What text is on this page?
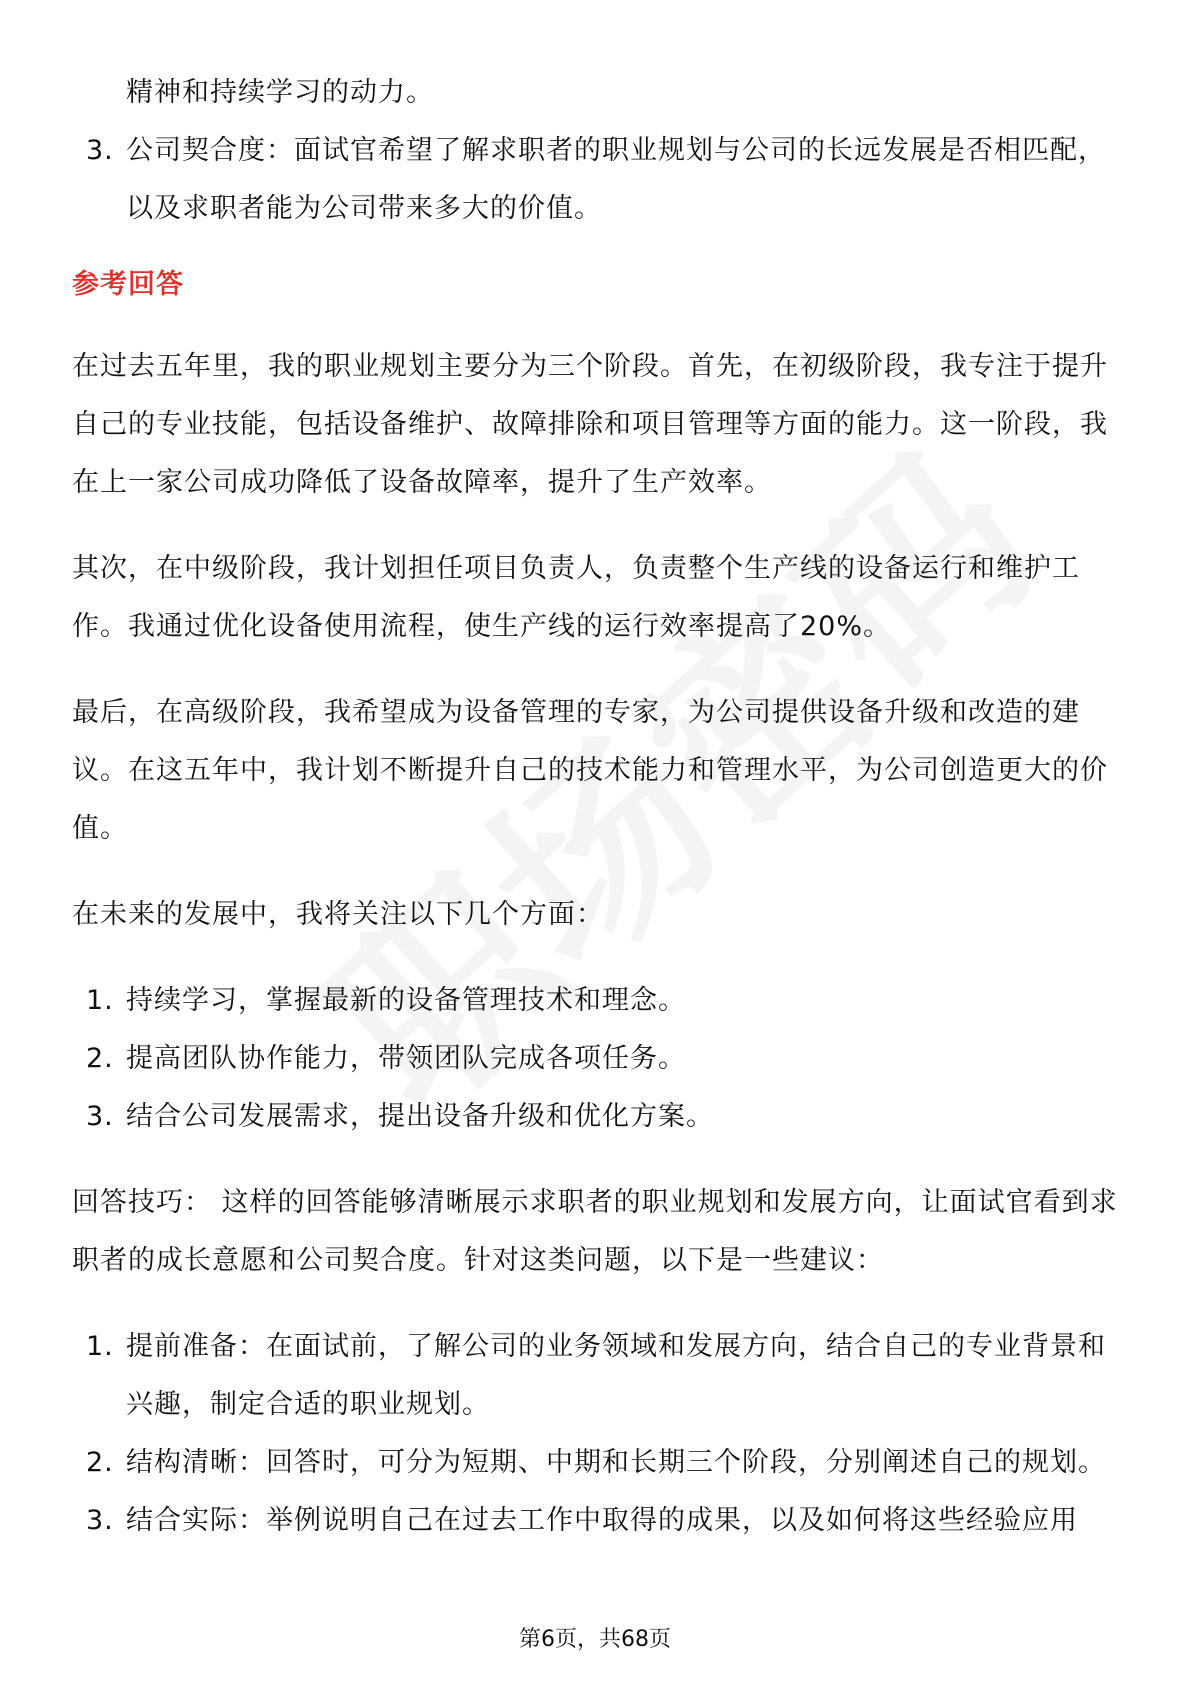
精神和持续学习的动力。

3. 公司契合度：面试官希望了解求职者的职业规划与公司的长远发展是否相匹配，以及求职者能为公司带来多大的价值。
参考回答

在过去五年里，我的职业规划主要分为三个阶段。首先，在初级阶段，我专注于提升自己的专业技能，包括设备维护、故障排除和项目管理等方面的能力。这一阶段，我在上一家公司成功降低了设备故障率，提升了生产效率。

其次，在中级阶段，我计划担任项目负责人，负责整个生产线的设备运行和维护工作。我通过优化设备使用流程，使生产线的运行效率提高了20%。

最后，在高级阶段，我希望成为设备管理的专家，为公司提供设备升级和改造的建议。在这五年中，我计划不断提升自己的技术能力和管理水平，为公司创造更大的价值。

在未来的发展中，我将关注以下几个方面：

1. 持续学习，掌握最新的设备管理技术和理念。
2. 提高团队协作能力，带领团队完成各项任务。
3. 结合公司发展需求，提出设备升级和优化方案。

回答技巧： 这样的回答能够清晰展示求职者的职业规划和发展方向，让面试官看到求职者的成长意愿和公司契合度。针对这类问题，以下是一些建议：

1. 提前准备：在面试前，了解公司的业务领域和发展方向，结合自己的专业背景和兴趣，制定合适的职业规划。
2. 结构清晰：回答时，可分为短期、中期和长期三个阶段，分别阐述自己的规划。
3. 结合实际：举例说明自己在过去工作中取得的成果，以及如何将这些经验应用
第6页，共68页
